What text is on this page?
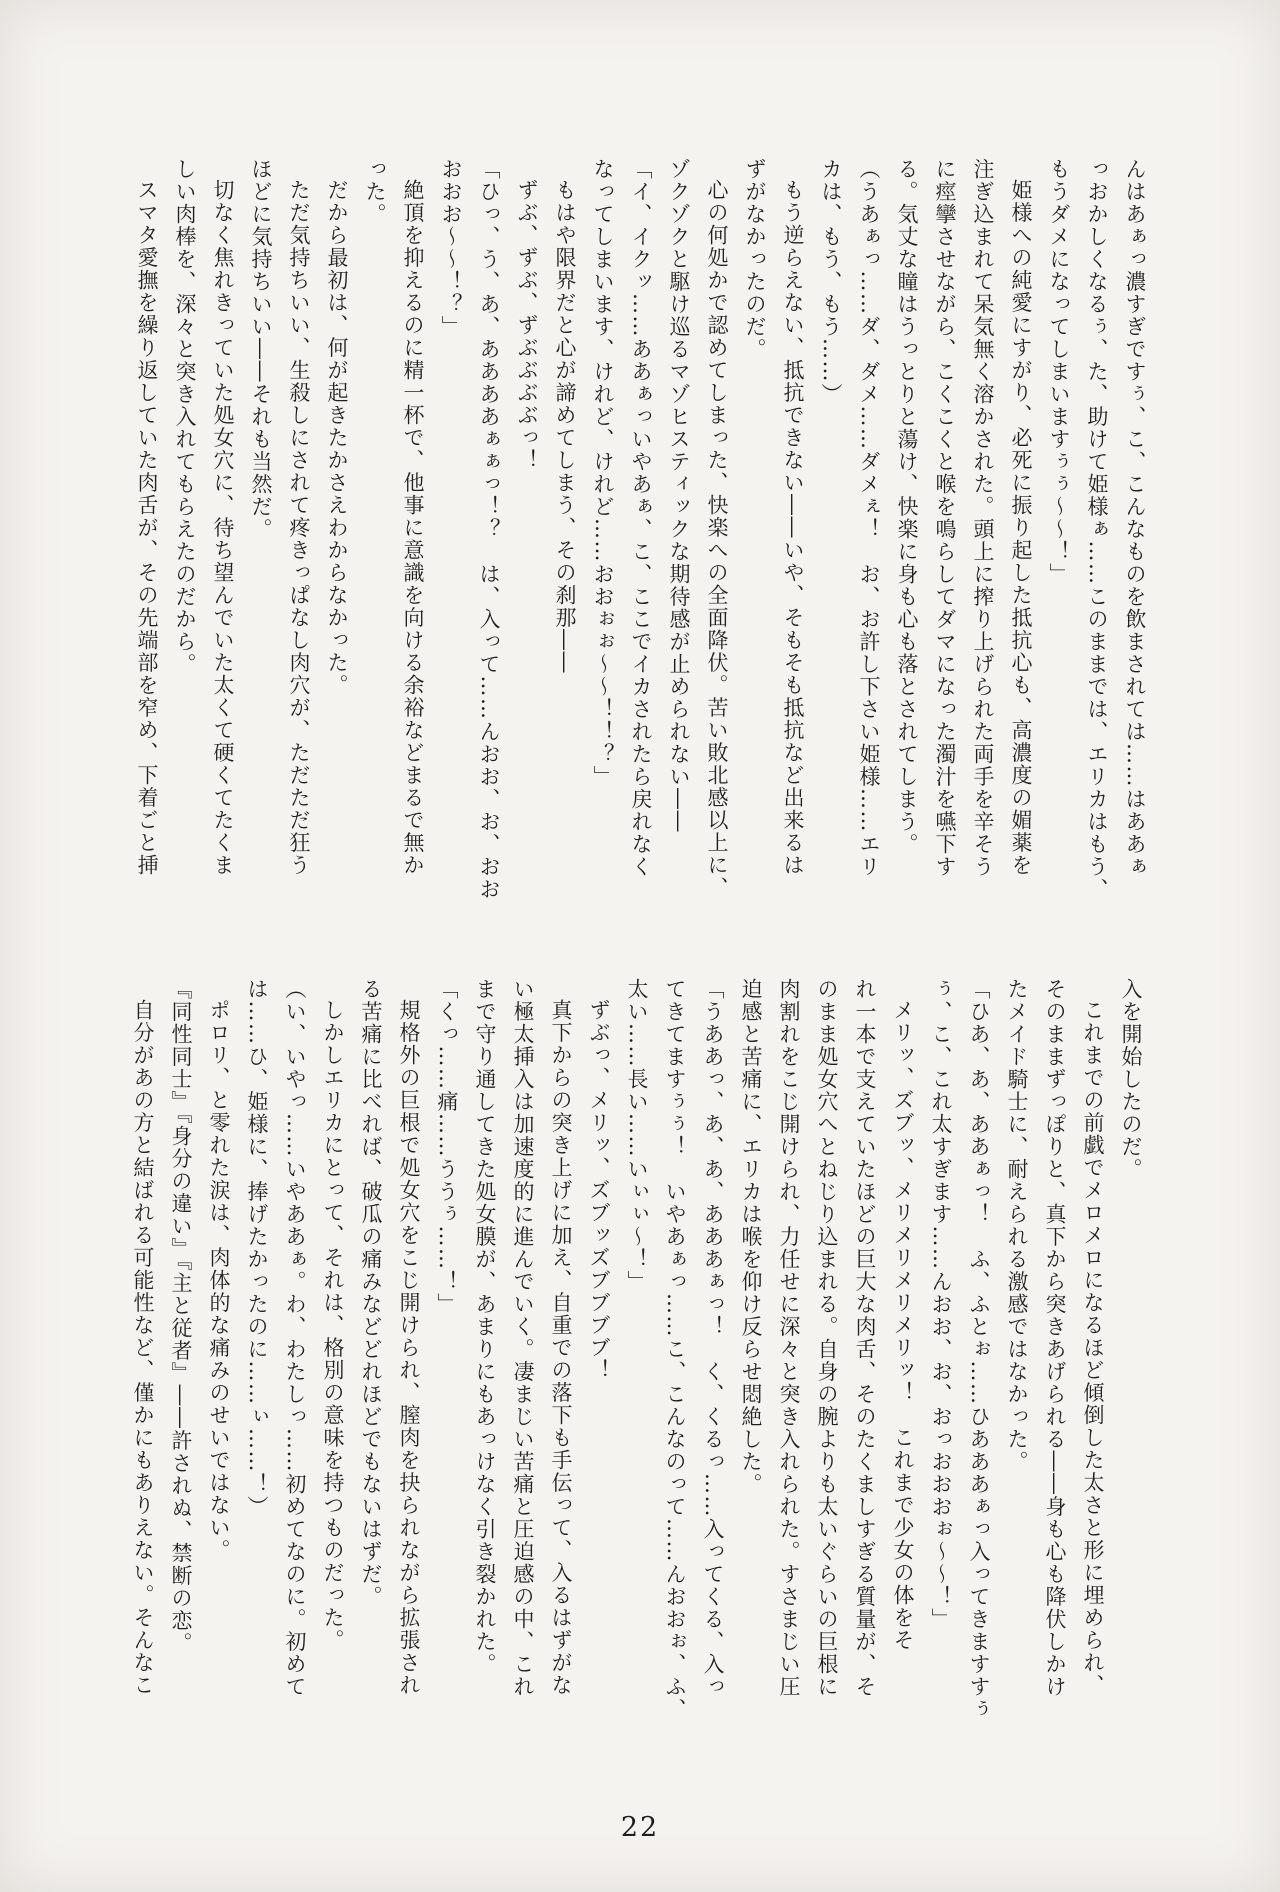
んはあぁっ濃すぎですぅ、こ、こんなものを飲まされては……はああぁ

っおかしくなるぅ、た、助けて姫様ぁ……このままでは、エリカはもう、

もうダメになってしまいますぅぅ～～！」

姫様への純愛にすがり、必死に振り起した抵抗心も、高濃度の媚薬を

注ぎ込まれて呆気無く溶かされた。頭上に搾り上げられた両手を辛そう

に痙攣させながら、こくこくと喉を鳴らしてダマになった濁汁を嚥下す

る。気丈な瞳はうっとりと蕩け、快楽に身も心も落とされてしまう。

（うあぁっ……ダ、ダメ……ダメぇ！　お、お許し下さい姫様……エリ

カは、もう、もう……）

もう逆らえない、抵抗できない――いや、そもそも抵抗など出来るは

ずがなかったのだ。

心の何処かで認めてしまった、快楽への全面降伏。苦い敗北感以上に、

ゾクゾクと駆け巡るマゾヒスティックな期待感が止められない――

「イ、イクッ……ああぁっいやあぁ、こ、ここでイカされたら戻れなく

なってしまいます、けれど、けれど……おおぉぉ～～！！？」

もはや限界だと心が諦めてしまう、その刹那――

ずぶ、ずぶ、ずぶぶぶぶっ！

「ひっ、う、あ、ああああぁぁっ！？　は、入って……んおお、お、おお

おおお～～！？」

絶頂を抑えるのに精一杯で、他事に意識を向ける余裕などまるで無か

った。

だから最初は、何が起きたかさえわからなかった。

ただ気持ちいい、生殺しにされて疼きっぱなし肉穴が、ただただ狂う

ほどに気持ちいい――それも当然だ。

切なく焦れきっていた処女穴に、待ち望んでいた太くて硬くてたくま

しい肉棒を、深々と突き入れてもらえたのだから。

スマタ愛撫を繰り返していた肉舌が、その先端部を窄め、下着ごと挿

入を開始したのだ。

これまでの前戯でメロメロになるほど傾倒した太さと形に埋められ、

そのままずっぽりと、真下から突きあげられる――身も心も降伏しかけ

たメイド騎士に、耐えられる激感ではなかった。

「ひあ、あ、ああぁっ！　ふ、ふとぉ……ひあああぁっ入ってきますすぅ

ぅ、こ、これ太すぎます……んおお、お、おっおおおぉ～～！」

メリッ、ズブッ、メリメリメリメリッ！　これまで少女の体をそ

れ一本で支えていたほどの巨大な肉舌、そのたくましすぎる質量が、そ

のまま処女穴へとねじり込まれる。自身の腕よりも太いぐらいの巨根に

肉割れをこじ開けられ、力任せに深々と突き入れられた。すさまじい圧

迫感と苦痛に、エリカは喉を仰け反らせ悶絶した。

「うああっ、あ、あ、あああぁっ！　く、くるっ……入ってくる、入っ

てきてますぅぅ！　いやあぁっ……こ、こんなのって……んおおぉ、ふ、

太い……長い……いぃぃ～！」

ずぶっ、メリッ、ズブッズブブブブ！

真下からの突き上げに加え、自重での落下も手伝って、入るはずがな

い極太挿入は加速度的に進んでいく。凄まじい苦痛と圧迫感の中、これ

まで守り通してきた処女膜が、あまりにもあっけなく引き裂かれた。

「くっ……痛……ううぅ……！」

規格外の巨根で処女穴をこじ開けられ、膣肉を抉られながら拡張され

る苦痛に比べれば、破瓜の痛みなどどれほどでもないはずだ。

しかしエリカにとって、それは、格別の意味を持つものだった。

（い、いやっ……いやああぁ。わ、わたしっ……初めてなのに。初めて

は……ひ、姫様に、捧げたかったのに……ぃ……！）

ポロリ、と零れた涙は、肉体的な痛みのせいではない。

『同性同士』『身分の違い』『主と従者』――許されぬ、禁断の恋。

自分があの方と結ばれる可能性など、僅かにもありえない。そんなこ

22
